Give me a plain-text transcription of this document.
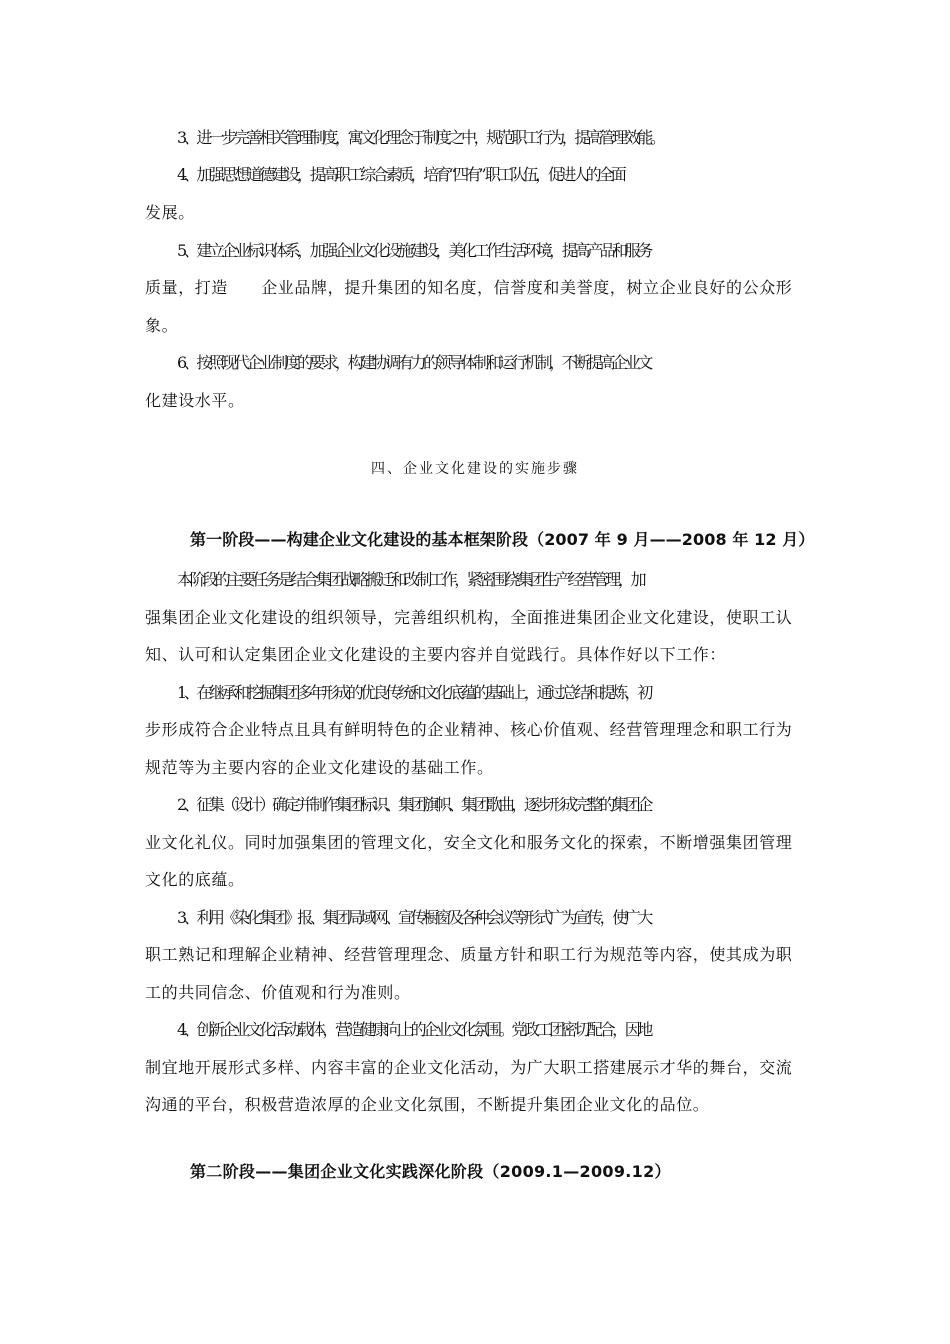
3、进一步完善相关管理制度，寓文化理念于制度之中，规范职工行为，提高管理效能。
4、加强思想道德建设，提高职工综合素质，培育“四有” 职工队伍，促进人的全面
发展。
5、建立企业标识体系，加强企业文化设施建设，美化工作生活环境，提高产品和服务
质量，打造　　企业品牌，提升集团的知名度，信誉度和美誉度，树立企业良好的公众形
象。
6、按照现代企业制度的要求，构建协调有力的领导体制和运行机制，不断提高企业文
化建设水平。
四、企业文化建设的实施步骤
第一阶段——构建企业文化建设的基本框架阶段（2007 年 9 月——2008 年 12 月）
本阶段的主要任务是结合集团战略搬迁和改制工作，紧密围绕集团生产经营管理，加
强集团企业文化建设的组织领导，完善组织机构，全面推进集团企业文化建设，使职工认
知、认可和认定集团企业文化建设的主要内容并自觉践行。具体作好以下工作：
1、在继承和挖掘集团多年形成的优良传统和文化底蕴的基础上，通过总结和提炼，初
步形成符合企业特点且具有鲜明特色的企业精神、核心价值观、经营管理理念和职工行为
规范等为主要内容的企业文化建设的基础工作。
2、征集（设计）确定并制作集团标识、集团旗帜、集团歌曲，逐步形成完整的集团企
业文化礼仪。同时加强集团的管理文化，安全文化和服务文化的探索，不断增强集团管理
文化的底蕴。
3、利用《染化集团》报、集团局域网、宣传橱窗及各种会议等形式广为宣传，使广大
职工熟记和理解企业精神、经营管理理念、质量方针和职工行为规范等内容，使其成为职
工的共同信念、价值观和行为准则。
4、创新企业文化活动载体，营造健康向上的企业文化氛围。党政工团密切配合，因地
制宜地开展形式多样、内容丰富的企业文化活动，为广大职工搭建展示才华的舞台，交流
沟通的平台，积极营造浓厚的企业文化氛围，不断提升集团企业文化的品位。
第二阶段——集团企业文化实践深化阶段（2009.1—2009.12）
